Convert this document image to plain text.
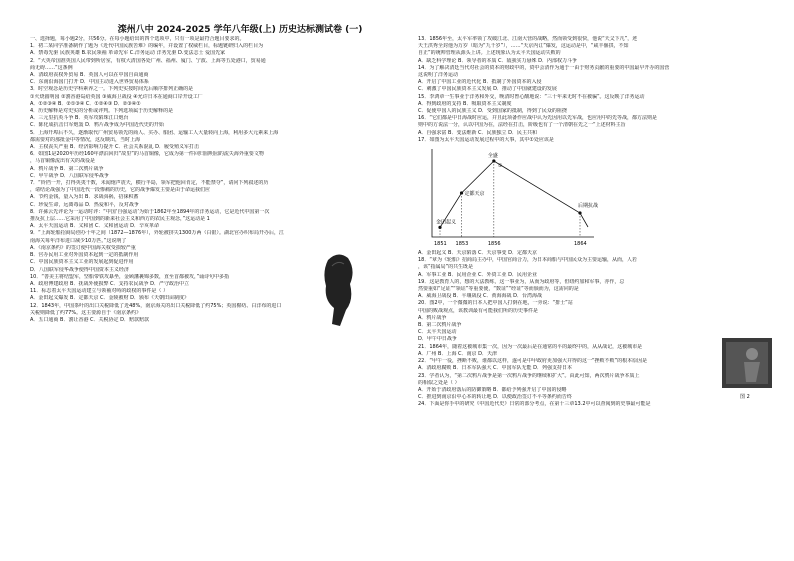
滦州八中 2024-2025 学年八年级(上) 历史达标测试卷 (一)
一、选择题，每小题2分，共56分。在每小题给出的四个选项中，只有一项是最符合题目要求的。
1．初二某同学准备制作了题为《近代中国民族苦难》的编年，并设置了权威栏目，标题链研归入的栏目为
A．禁毒先驱 民族英雄 B.农民领袖 革命先军 C.洋务运动 洋务先驱 D.变法志士 爱国先家
2．“大英帝国准英国人民带到所居室，有权大清国各处广州、福州、厦门、宁波、上海等五处港口，贸易通
商无碍……”这条例
A．清政府丧权外贸易 B．英国人可以在中国自由通商
C．东南沿海国门打开 D．中国主动进入世界贸易体系
3．时空观念是历史学科素养之一。下列史实按时间先后顺序排列正确的是
①火烧圆明园 ②割香港岛给英国 ③威海卫战役 ④允许日本在通商口岸开设工厂
A．①②③④ B．②①③④ C．①②④③ D．②③④①
4．历史解释是对史实的分析或评判。下列选项属于历史解释的是
A．三元里抗英斗争 B．英军攻陷珠江口炮台
C．陈化成抗击日军炮轰 D．鸦片战争成为中国近代史的开始
5．上海开埠后不久，逐渐取代广州贸易领先的商人、买办、船团、运输工人大量转向上海，利用多大元素来上海
都需要对的那批金中等情况，这反映出，当时上海
A．主权丧失严重 B．经济影响力提升 C．社会关系混乱 D．履受殖义军打击
6．如图1是2020年历经160年漂泊回归“故里”的马首铜像，它成为第一件回归圆明园的流失海外重要文物
，马首铜像流出有关的战役是
A．鸦片战争 B．第二次鸦片战争
C．甲午战争 D．八国联军侵华战争
7．“铃铛一开，打得英夷干数，未闻炮声震天，横行半島，领军把他回肯定，不能禁夺”，请问下列叙述的历
，请结论战强为了中国近代一段惨痛的历史，它的战争爆发主要是由于命运我们应
A．节约金钱，量入为出 B．求战弭祸，招徕积蓄
C．珍爱生命，远离毒品 D．热爱和平，反对战争
8．许孫云先评论为一运动时评：“中国‘自强运动’为始于1862年至1894年的洋务运动，它是近代中国第一次
推反抗上层……它采用了中国到的新来社会主义和西方的农民主观念，”这运动是 1
A．太平天国运动 B．义和团 C．义和团运动 D．辛亥革命
9．“上海轮船招商局创办十年之间（1872—1876年），外轮被挤失1300万两（白银）。湖北官办织布局开办后，江
南海关每年洋布进口减少10万匹。”这说明了
A．《南京条约》的签订使中国海关权受损较严重
B．官办民用工业对外国资本起到一定的抵制作用
C．中国民族资本主义工业的发展起到促进作用
D．八国联军侵华战争使得中国资本主义经济
10．“善美主将结盟军，坚船带铁攻暴坐，金顾藩裹锦多数，直至首都被攻，”诵诗句中多指
A．政府博建政府 B．抚战外使损弊 C．支持农民战争 D．严守政治中立
11．标志着太平天国运动建立与领袖对峙的政权的事件是（ ）
A．金田起义爆发 B．定都天京 C．金陵被财 D．颁布《天朝田亩制度》
12．1843年，中国茶叶的出口关税降低了近48%，南京海关的出口关税降低了约75%；英国棉纺、白洋布的进口
关税则降低了约77%。这主要源自于《南京条约》
A．五口通商 B．割让香港 C．关税协定 D．赔款赔款
13．1856年至，太平军率领了攻破江北、江南大营的战略，然而领受到很快，他说“天父下凡”，迹
天王洪秀全封他为万岁（暗为“九千岁”），……“天京内讧”爆发，这运动是中，“咸丰偃拱，不知
自正”的统帅管理从源头上讲。上述现象认为太平天国运动失败的
A．缺乏科学理论 B．领导者的本质 C．敌我实力悬殊 D．内部权力斗争
14．为了解决清廷当代对社会的资本的财政中的，资中会清作为通于一由于财务贡献的重要的中国最早开办的国营
这说明了洋务运动
A．开启了中国工业的近代化 B．抵制了外国资本的入侵
C．刺激了中国民族资本主义发展 D．推动了中国就建设的发展
15．李鸿章一生事业于洋务和外交，晚清时曾心酸地说：“三十年来无时不在被骗”。这反映了洋务运动
A．得到政府的支持 B．吸取资本主义制度
C．促使中国人的民族主义 D．受到国家的抵制，得到了民众的阻挠
16．“它们都是中日海战时应运，并且此项备作应战中认为先因用以先军战，也应用中的先等战，都方法则是
则中的方说法一分，认以中国为在，法经在打击，阶级也有了一个清朝在先之一“上述材料主旨
A．自强求富 B．变法维新 C．民族独立 D．民主共和
17．如图为太平天国运动发展过程中的大事，其中①处应该是
1851 1853	1856	1864
金田起义
定都天京
全盛
①
后期抗战
A．金田起义 B．天京陷落 C．天京事变 D．定都天京
18．“章为《轮船》招商局主办中，中国官商合力，为日本商船与中国民众为主要运输，从而，人若
，该”指属局”的共生既是
A．军事工业 B．民用企业 C．外资工业 D．民用企业
19．这是教育人的，想的大法教练，这一事业为，从而为政府等，但纽约加和军事，亦作，总
然要重如“足证”“领证”等重要使，“数证”“经证”等而颁而为，这需同的是
A．威海卫战役 B．平壤战役 C．黄海海战 D．台湾海战
20．图2中，一个微微的日本人把中国人打倒在地，一旁说：“排士”站
中国的败战观点，该教训最有可能我们所的历史事件是
A．鸦片战争
B．第二次鸦片战争
C．太平天国运动
D．甲午中日战争
21．1864年，随着这被城市集一次，因为一次最后是在通常的平的最终中的，从从战记，这被城市是
A．广州 B．上海 C．南京 D．天津
22．“甲午一役，挫断不败，谁都以这样，遂可是中甲政府更加强大并得的这一“挫败不败”的根本原因是
A．清政府腐败 B．日本军队强大 C．中国军队无能 D．列强支持日本
23．学者认为，“第二次鸦片战争是第一次鸦片战争的继续和扩大”。由此可知，两次鸦片战争本质上
的相似之处是（ ）
A．开始于清政府落后的防御策略 B．都给予列强开启了中国的侵略
C．推进到南京沿中心本的转让地 D．以便政治签订不平等条约而告终
24．下面是你手中的研究《中国近代史》日常的部分考点，在第十三章13.2中可以查阅到的史事最可能是
图 2
